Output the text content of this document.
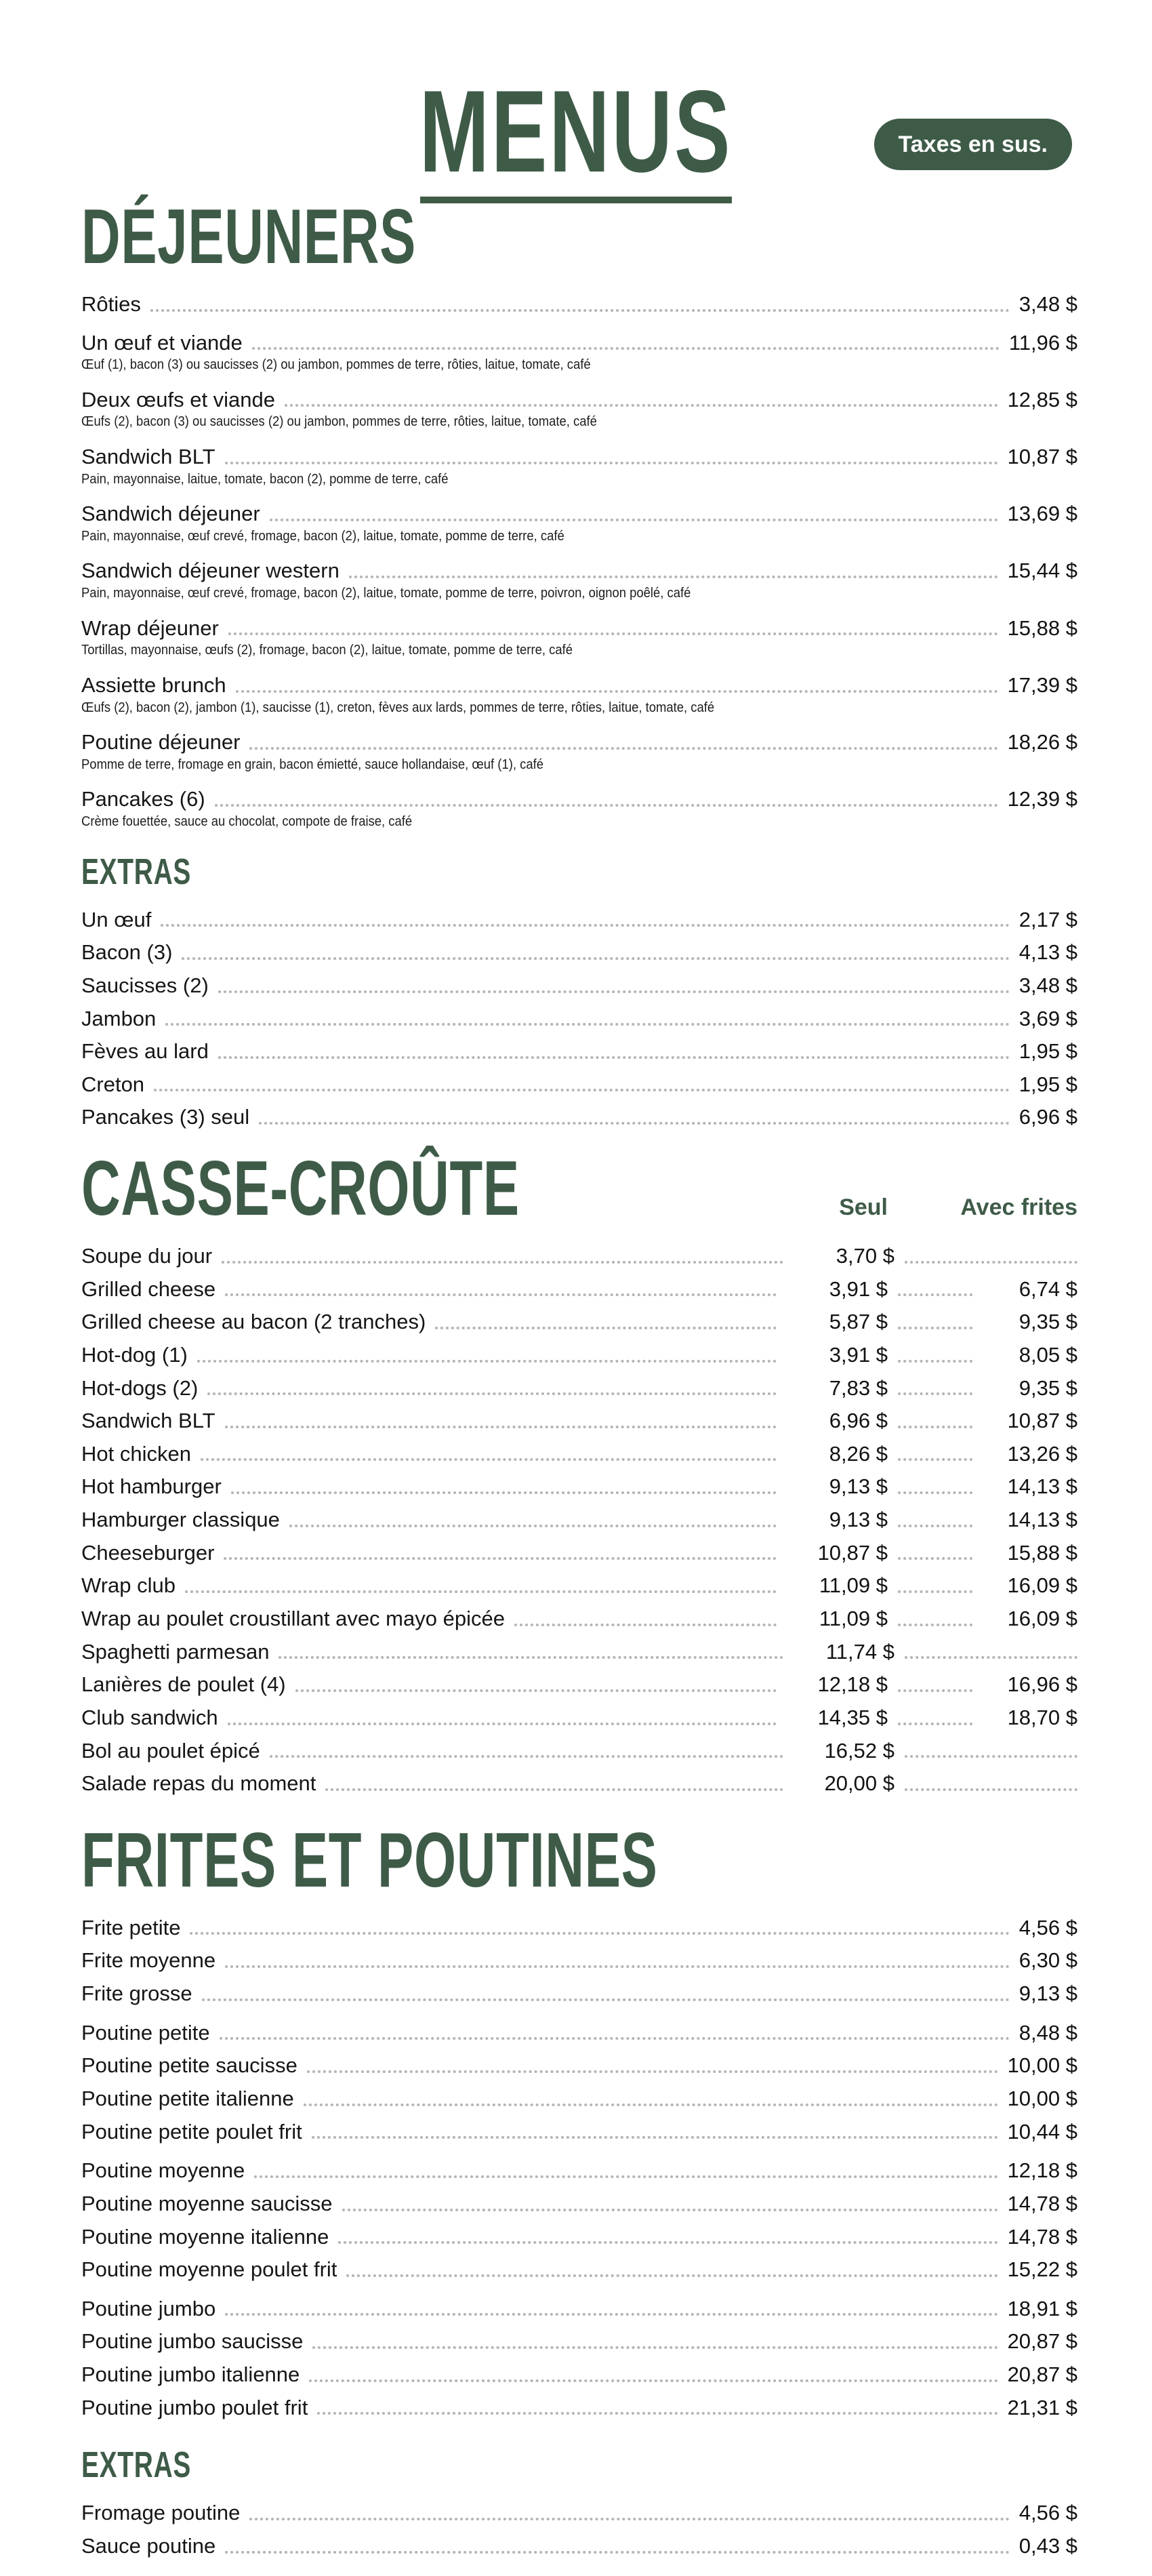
MENUS	Taxes en sus.
DÉJEUNERS
Rôties	3,48 $
Un œuf et viande	11,96 $
Œuf (1), bacon (3) ou saucisses (2) ou jambon, pommes de terre, rôties, laitue, tomate, café
Deux œufs et viande	12,85 $
Œufs (2), bacon (3) ou saucisses (2) ou jambon, pommes de terre, rôties, laitue, tomate, café
Sandwich BLT	10,87 $
Pain, mayonnaise, laitue, tomate, bacon (2), pomme de terre, café
Sandwich déjeuner	13,69 $
Pain, mayonnaise, œuf crevé, fromage, bacon (2), laitue, tomate, pomme de terre, café
Sandwich déjeuner western	15,44 $
Pain, mayonnaise, œuf crevé, fromage, bacon (2), laitue, tomate, pomme de terre, poivron, oignon poêlé, café
Wrap déjeuner	15,88 $
Tortillas, mayonnaise, œufs (2), fromage, bacon (2), laitue, tomate, pomme de terre, café
Assiette brunch	17,39 $
Œufs (2), bacon (2), jambon (1), saucisse (1), creton, fèves aux lards, pommes de terre, rôties, laitue, tomate, café
Poutine déjeuner	18,26 $
Pomme de terre, fromage en grain, bacon émietté, sauce hollandaise, œuf (1), café
Pancakes (6)	12,39 $
Crème fouettée, sauce au chocolat, compote de fraise, café
EXTRAS
Un œuf	2,17 $
Bacon (3)	4,13 $
Saucisses (2)	3,48 $
Jambon	3,69 $
Fèves au lard	1,95 $
Creton	1,95 $
Pancakes (3) seul	6,96 $
CASSE-CROÛTE	Seul	Avec frites
Soupe du jour	3,70 $
Grilled cheese	3,91 $	6,74 $
Grilled cheese au bacon (2 tranches)	5,87 $	9,35 $
Hot-dog (1)	3,91 $	8,05 $
Hot-dogs (2)	7,83 $	9,35 $
Sandwich BLT	6,96 $	10,87 $
Hot chicken	8,26 $	13,26 $
Hot hamburger	9,13 $	14,13 $
Hamburger classique	9,13 $	14,13 $
Cheeseburger	10,87 $	15,88 $
Wrap club	11,09 $	16,09 $
Wrap au poulet croustillant avec mayo épicée	11,09 $	16,09 $
Spaghetti parmesan	11,74 $
Lanières de poulet (4)	12,18 $	16,96 $
Club sandwich	14,35 $	18,70 $
Bol au poulet épicé	16,52 $
Salade repas du moment	20,00 $
FRITES ET POUTINES
Frite petite	4,56 $
Frite moyenne	6,30 $
Frite grosse	9,13 $
Poutine petite	8,48 $
Poutine petite saucisse	10,00 $
Poutine petite italienne	10,00 $
Poutine petite poulet frit	10,44 $
Poutine moyenne	12,18 $
Poutine moyenne saucisse	14,78 $
Poutine moyenne italienne	14,78 $
Poutine moyenne poulet frit	15,22 $
Poutine jumbo	18,91 $
Poutine jumbo saucisse	20,87 $
Poutine jumbo italienne	20,87 $
Poutine jumbo poulet frit	21,31 $
EXTRAS
Fromage poutine	4,56 $
Sauce poutine	0,43 $
